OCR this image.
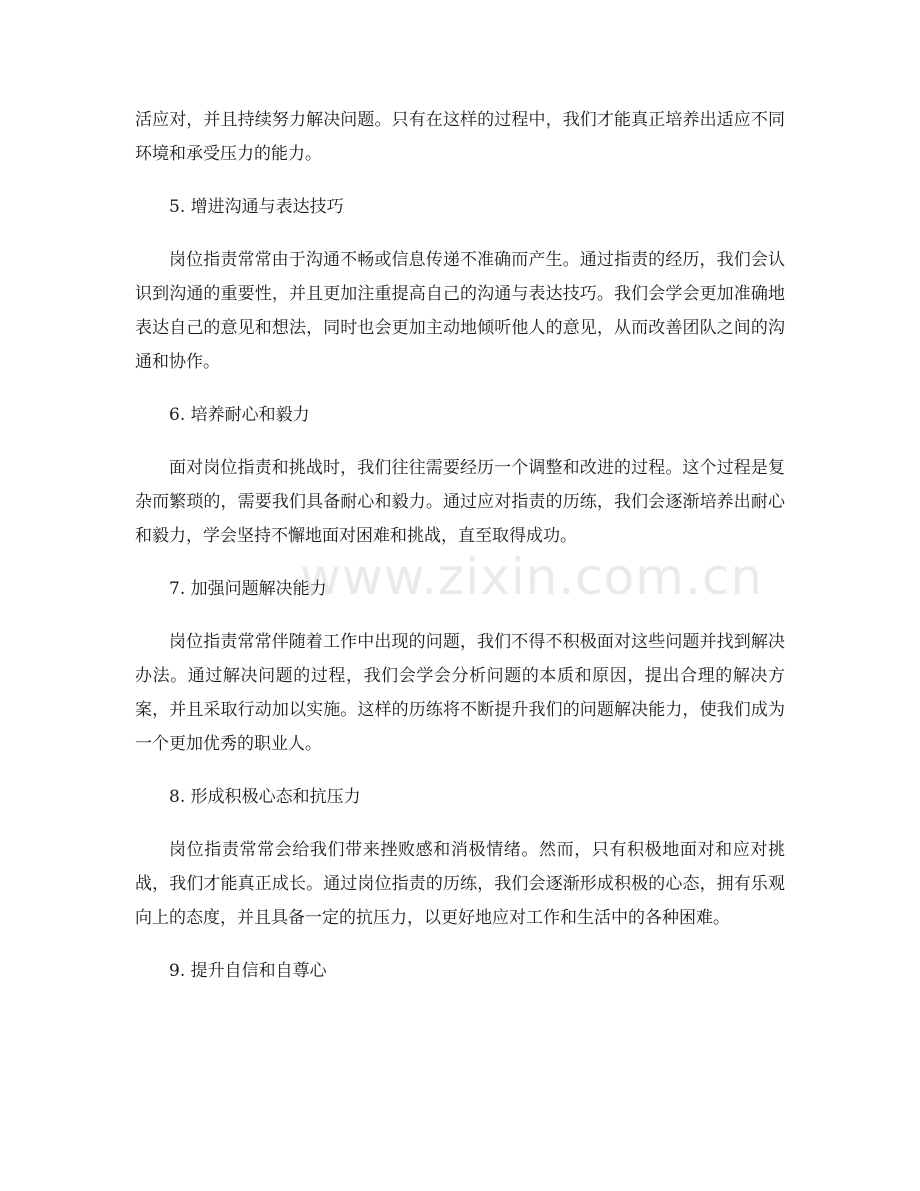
活应对，并且持续努力解决问题。只有在这样的过程中，我们才能真正培养出适应不同环境和承受压力的能力。

5. 增进沟通与表达技巧

岗位指责常常由于沟通不畅或信息传递不准确而产生。通过指责的经历，我们会认识到沟通的重要性，并且更加注重提高自己的沟通与表达技巧。我们会学会更加准确地表达自己的意见和想法，同时也会更加主动地倾听他人的意见，从而改善团队之间的沟通和协作。

6. 培养耐心和毅力

面对岗位指责和挑战时，我们往往需要经历一个调整和改进的过程。这个过程是复杂而繁琐的，需要我们具备耐心和毅力。通过应对指责的历练，我们会逐渐培养出耐心和毅力，学会坚持不懈地面对困难和挑战，直至取得成功。

7. 加强问题解决能力

岗位指责常常伴随着工作中出现的问题，我们不得不积极面对这些问题并找到解决办法。通过解决问题的过程，我们会学会分析问题的本质和原因，提出合理的解决方案，并且采取行动加以实施。这样的历练将不断提升我们的问题解决能力，使我们成为一个更加优秀的职业人。

8. 形成积极心态和抗压力

岗位指责常常会给我们带来挫败感和消极情绪。然而，只有积极地面对和应对挑战，我们才能真正成长。通过岗位指责的历练，我们会逐渐形成积极的心态，拥有乐观向上的态度，并且具备一定的抗压力，以更好地应对工作和生活中的各种困难。

9. 提升自信和自尊心
www.zixin.com.cn
